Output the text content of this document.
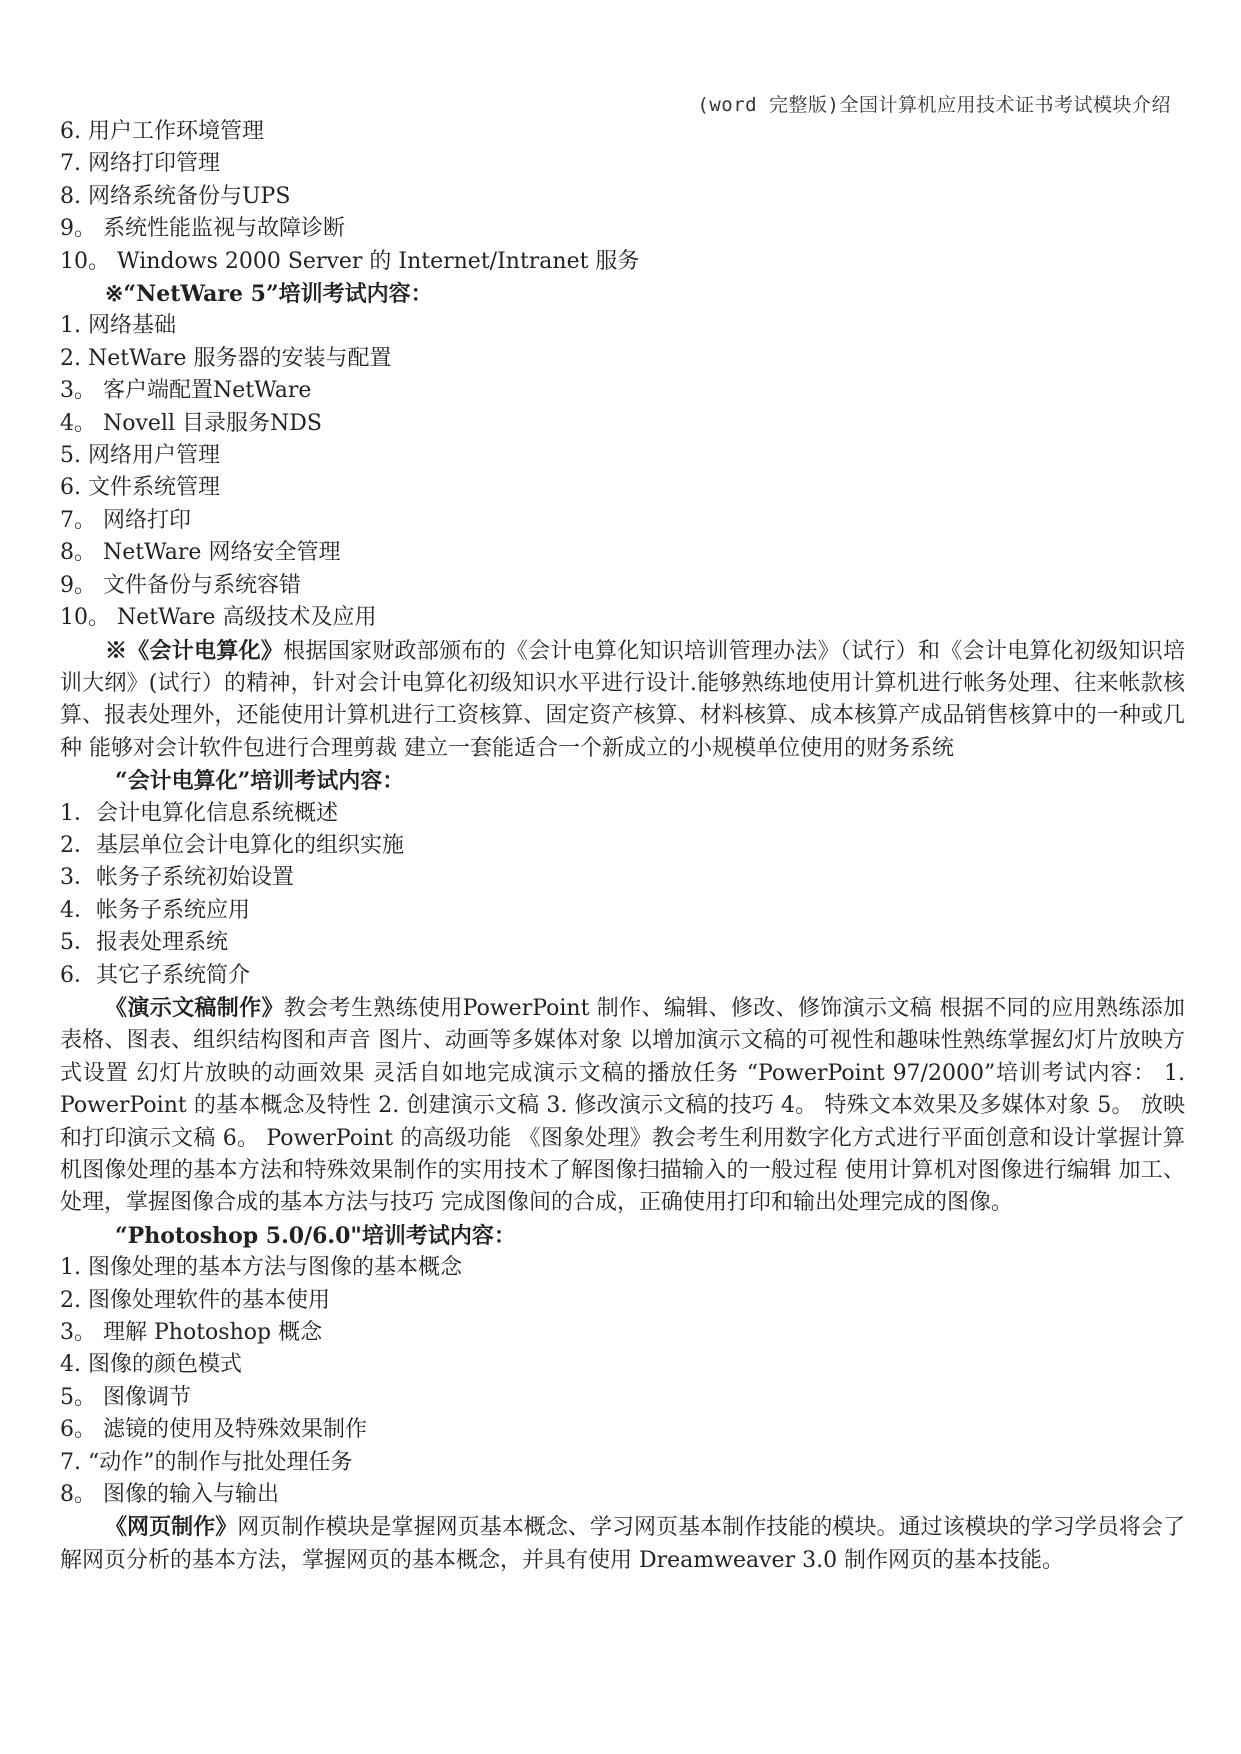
(word 完整版)全国计算机应用技术证书考试模块介绍

6. 用户工作环境管理

7. 网络打印管理

8. 网络系统备份与UPS

9。 系统性能监视与故障诊断

10。 Windows 2000 Server 的 Internet/Intranet 服务

※“NetWare 5”培训考试内容：

1. 网络基础

2. NetWare 服务器的安装与配置

3。 客户端配置NetWare

4。 Novell 目录服务NDS

5. 网络用户管理

6. 文件系统管理

7。 网络打印

8。 NetWare 网络安全管理

9。 文件备份与系统容错

10。 NetWare 高级技术及应用

※《会计电算化》根据国家财政部颁布的《会计电算化知识培训管理办法》（试行）和《会计电算化初级知识培训大纲》(试行）的精神，针对会计电算化初级知识水平进行设计.能够熟练地使用计算机进行帐务处理、往来帐款核算、报表处理外，还能使用计算机进行工资核算、固定资产核算、材料核算、成本核算产成品销售核算中的一种或几种 能够对会计软件包进行合理剪裁 建立一套能适合一个新成立的小规模单位使用的财务系统

“会计电算化”培训考试内容：

1．会计电算化信息系统概述

2．基层单位会计电算化的组织实施

3．帐务子系统初始设置

4．帐务子系统应用

5．报表处理系统

6．其它子系统简介

《演示文稿制作》教会考生熟练使用PowerPoint 制作、编辑、修改、修饰演示文稿 根据不同的应用熟练添加表格、图表、组织结构图和声音 图片、动画等多媒体对象 以增加演示文稿的可视性和趣味性熟练掌握幻灯片放映方式设置 幻灯片放映的动画效果 灵活自如地完成演示文稿的播放任务 “PowerPoint 97/2000”培训考试内容： 1. PowerPoint 的基本概念及特性 2. 创建演示文稿 3. 修改演示文稿的技巧 4。 特殊文本效果及多媒体对象 5。 放映和打印演示文稿 6。 PowerPoint 的高级功能 《图象处理》教会考生利用数字化方式进行平面创意和设计掌握计算机图像处理的基本方法和特殊效果制作的实用技术了解图像扫描输入的一般过程 使用计算机对图像进行编辑 加工、处理，掌握图像合成的基本方法与技巧 完成图像间的合成，正确使用打印和输出处理完成的图像。

“Photoshop 5.0/6.0"培训考试内容：

1. 图像处理的基本方法与图像的基本概念

2. 图像处理软件的基本使用

3。 理解 Photoshop 概念

4. 图像的颜色模式

5。 图像调节

6。 滤镜的使用及特殊效果制作

7. “动作”的制作与批处理任务

8。 图像的输入与输出

《网页制作》网页制作模块是掌握网页基本概念、学习网页基本制作技能的模块。通过该模块的学习学员将会了解网页分析的基本方法，掌握网页的基本概念，并具有使用 Dreamweaver 3.0 制作网页的基本技能。
